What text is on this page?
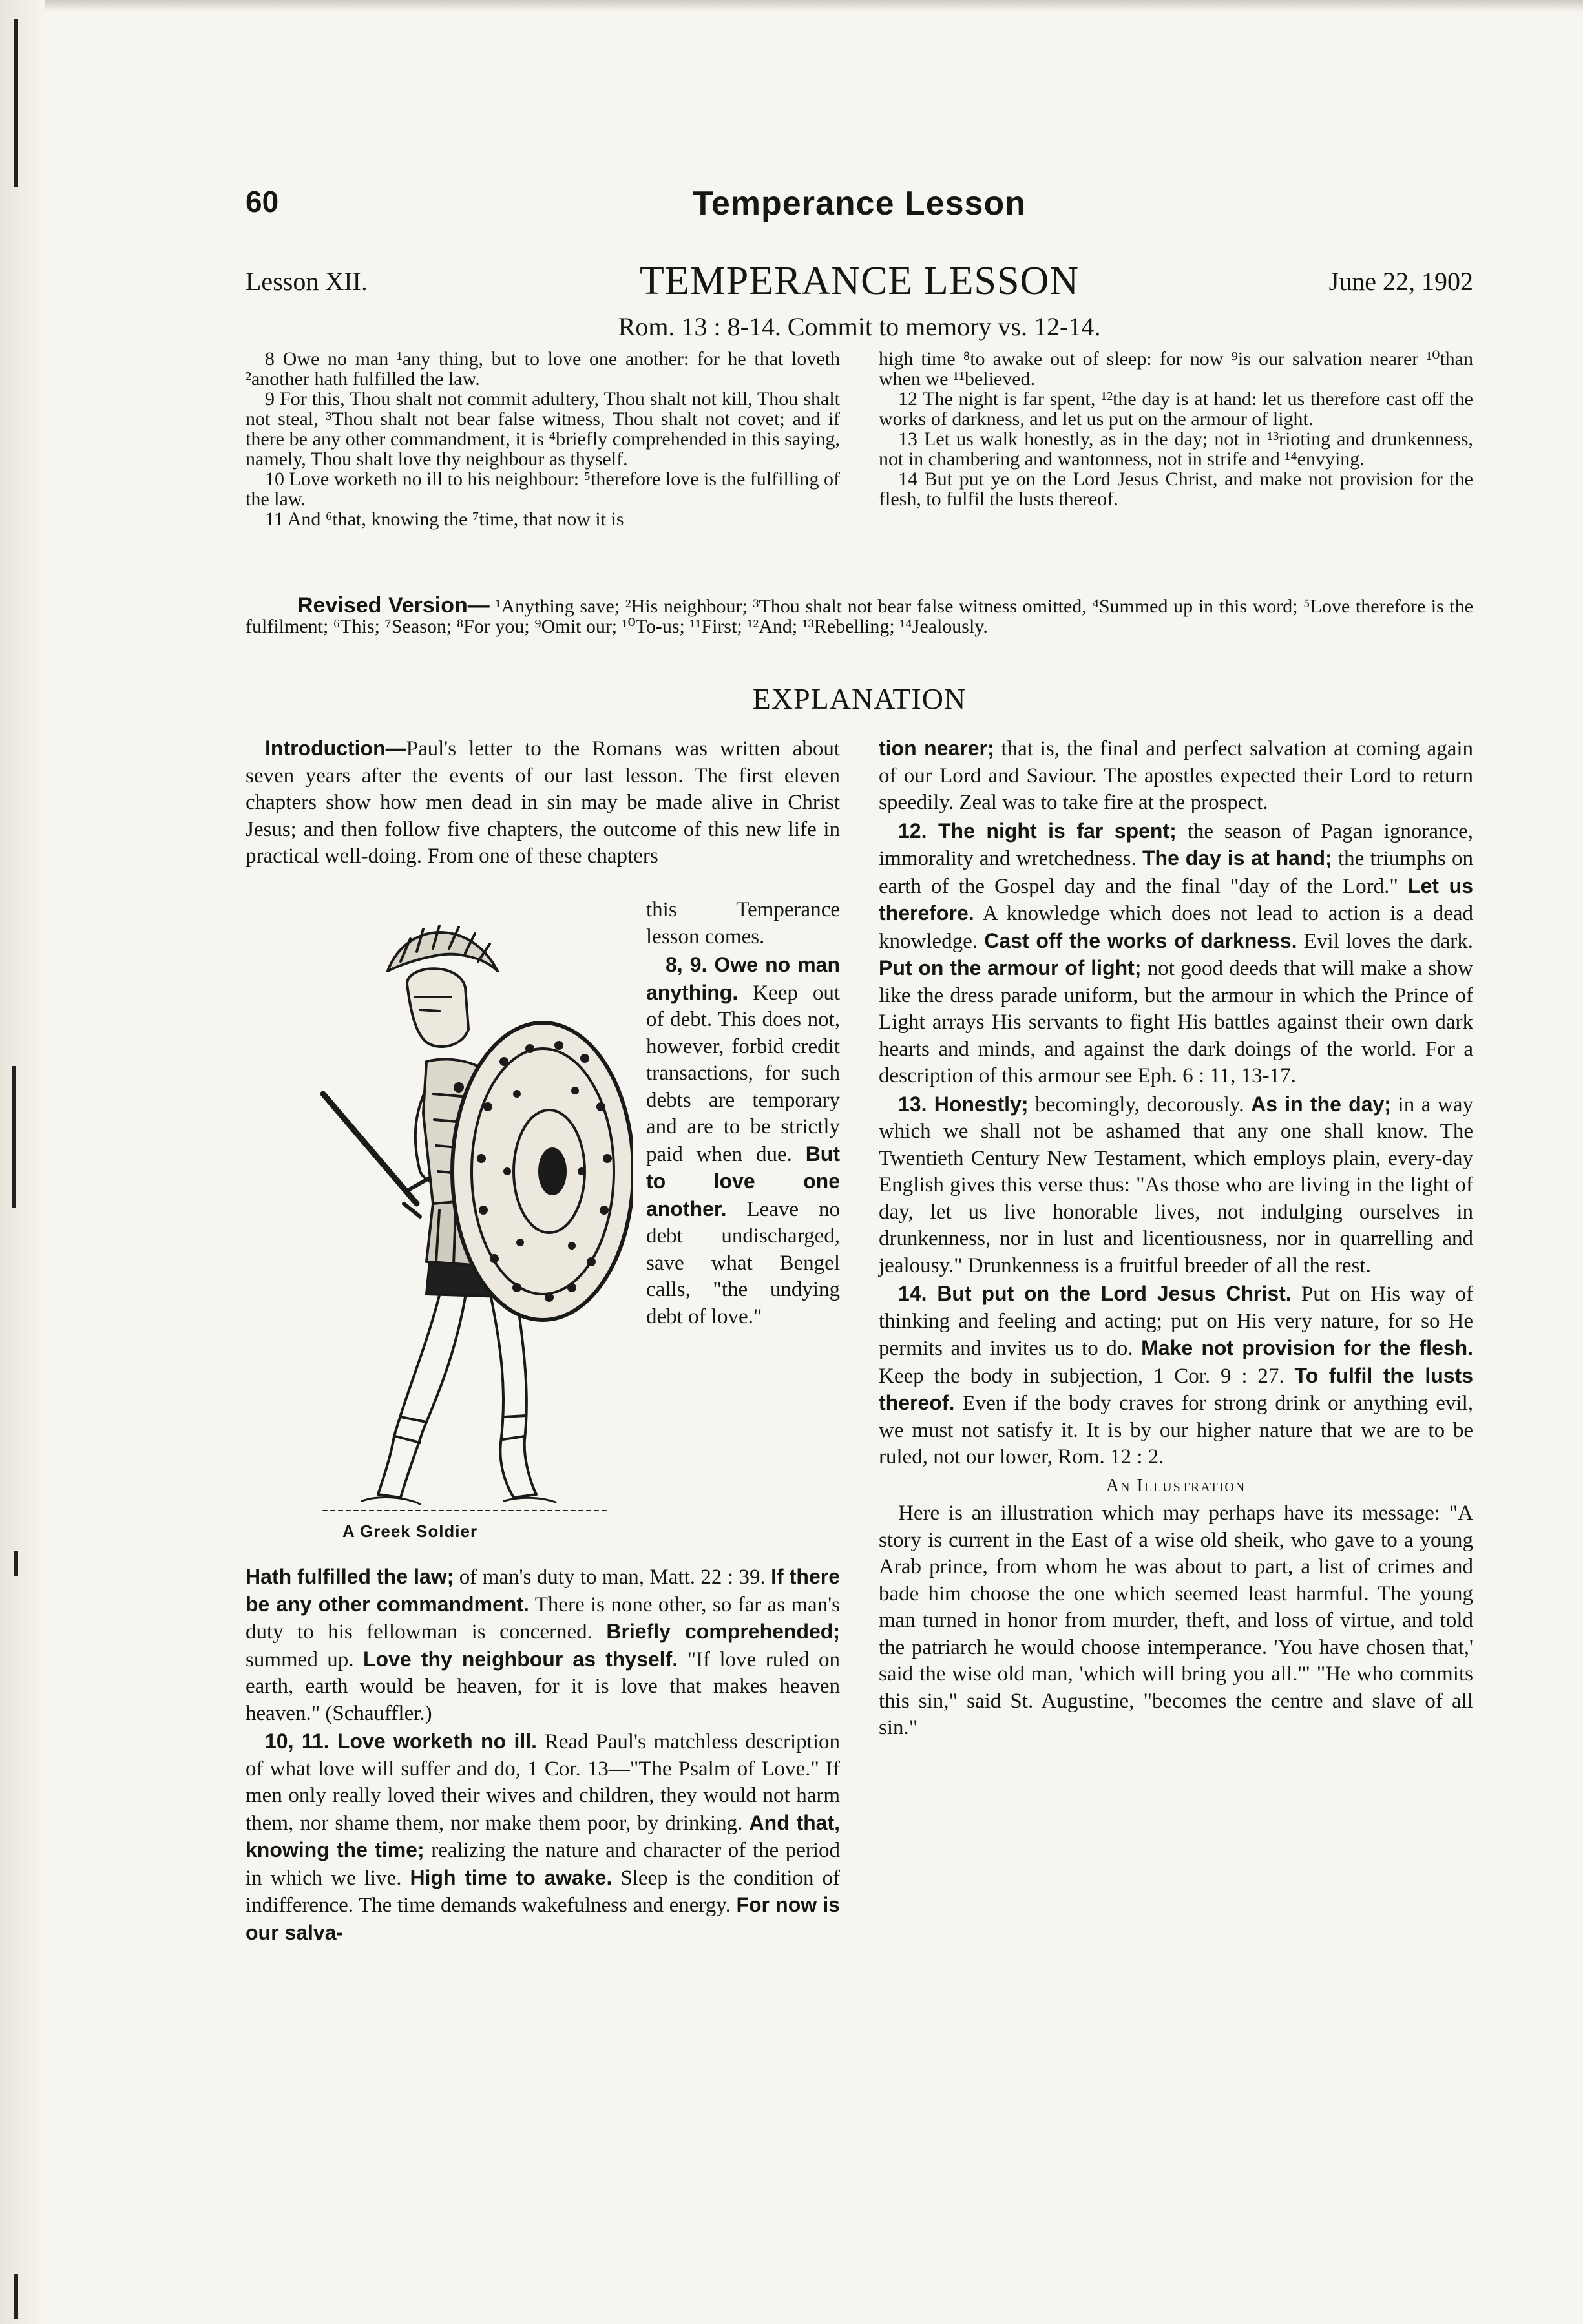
60	Temperance Lesson
Lesson XII.	TEMPERANCE LESSON	June 22, 1902
Rom. 13 : 8-14. Commit to memory vs. 12-14.

8 Owe no man ¹any thing, but to love one another: for he that loveth ²another hath fulfilled the law.

9 For this, Thou shalt not commit adultery, Thou shalt not kill, Thou shalt not steal, ³Thou shalt not bear false witness, Thou shalt not covet; and if there be any other commandment, it is ⁴briefly comprehended in this saying, namely, Thou shalt love thy neighbour as thyself.

10 Love worketh no ill to his neighbour: ⁵therefore love is the fulfilling of the law.

11 And ⁶that, knowing the ⁷time, that now it is

high time ⁸to awake out of sleep: for now ⁹is our salvation nearer ¹⁰than when we ¹¹believed.

12 The night is far spent, ¹²the day is at hand: let us therefore cast off the works of darkness, and let us put on the armour of light.

13 Let us walk honestly, as in the day; not in ¹³rioting and drunkenness, not in chambering and wantonness, not in strife and ¹⁴envying.

14 But put ye on the Lord Jesus Christ, and make not provision for the flesh, to fulfil the lusts thereof.

Revised Version— ¹Anything save; ²His neighbour; ³Thou shalt not bear false witness omitted, ⁴Summed up in this word; ⁵Love therefore is the fulfilment; ⁶This; ⁷Season; ⁸For you; ⁹Omit our; ¹⁰To-us; ¹¹First; ¹²And; ¹³Rebelling; ¹⁴Jealously.
EXPLANATION

Introduction—Paul's letter to the Romans was written about seven years after the events of our last lesson. The first eleven chapters show how men dead in sin may be made alive in Christ Jesus; and then follow five chapters, the outcome of this new life in practical well-doing. From one of these chapters

A Greek Soldier

this Temperance lesson comes.

8, 9. Owe no man anything. Keep out of debt. This does not, however, forbid credit transactions, for such debts are temporary and are to be strictly paid when due. But to love one another. Leave no debt undischarged, save what Bengel calls, "the undying debt of love."

Hath fulfilled the law; of man's duty to man, Matt. 22 : 39. If there be any other commandment. There is none other, so far as man's duty to his fellowman is concerned. Briefly comprehended; summed up. Love thy neighbour as thyself. "If love ruled on earth, earth would be heaven, for it is love that makes heaven heaven." (Schauffler.)

10, 11. Love worketh no ill. Read Paul's matchless description of what love will suffer and do, 1 Cor. 13—"The Psalm of Love." If men only really loved their wives and children, they would not harm them, nor shame them, nor make them poor, by drinking. And that, knowing the time; realizing the nature and character of the period in which we live. High time to awake. Sleep is the condition of indifference. The time demands wakefulness and energy. For now is our salva-

tion nearer; that is, the final and perfect salvation at coming again of our Lord and Saviour. The apostles expected their Lord to return speedily. Zeal was to take fire at the prospect.

12. The night is far spent; the season of Pagan ignorance, immorality and wretchedness. The day is at hand; the triumphs on earth of the Gospel day and the final "day of the Lord." Let us therefore. A knowledge which does not lead to action is a dead knowledge. Cast off the works of darkness. Evil loves the dark. Put on the armour of light; not good deeds that will make a show like the dress parade uniform, but the armour in which the Prince of Light arrays His servants to fight His battles against their own dark hearts and minds, and against the dark doings of the world. For a description of this armour see Eph. 6 : 11, 13-17.

13. Honestly; becomingly, decorously. As in the day; in a way which we shall not be ashamed that any one shall know. The Twentieth Century New Testament, which employs plain, every-day English gives this verse thus: "As those who are living in the light of day, let us live honorable lives, not indulging ourselves in drunkenness, nor in lust and licentiousness, nor in quarrelling and jealousy." Drunkenness is a fruitful breeder of all the rest.

14. But put on the Lord Jesus Christ. Put on His way of thinking and feeling and acting; put on His very nature, for so He permits and invites us to do. Make not provision for the flesh. Keep the body in subjection, 1 Cor. 9 : 27. To fulfil the lusts thereof. Even if the body craves for strong drink or anything evil, we must not satisfy it. It is by our higher nature that we are to be ruled, not our lower, Rom. 12 : 2.

An Illustration

Here is an illustration which may perhaps have its message: "A story is current in the East of a wise old sheik, who gave to a young Arab prince, from whom he was about to part, a list of crimes and bade him choose the one which seemed least harmful. The young man turned in honor from murder, theft, and loss of virtue, and told the patriarch he would choose intemperance. 'You have chosen that,' said the wise old man, 'which will bring you all.'" "He who commits this sin," said St. Augustine, "becomes the centre and slave of all sin."
